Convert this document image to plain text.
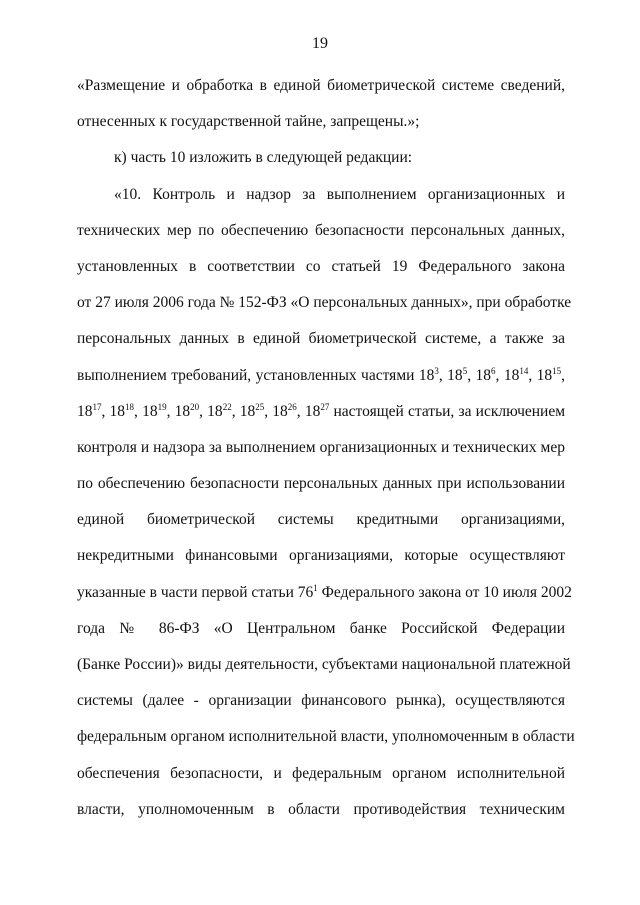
19
«Размещение и обработка в единой биометрической системе сведений,
отнесенных к государственной тайне, запрещены.»;
к) часть 10 изложить в следующей редакции:
«10. Контроль и надзор за выполнением организационных и
технических мер по обеспечению безопасности персональных данных,
установленных в соответствии со статьей 19 Федерального закона
от 27 июля 2006 года № 152-ФЗ «О персональных данных», при обработке
персональных данных в единой биометрической системе, а также за
выполнением требований, установленных частями $18^3$, $18^5$, $18^6$, $18^{14}$, $18^{15}$,
$18^{17}$, $18^{18}$, $18^{19}$, $18^{20}$, $18^{22}$, $18^{25}$, $18^{26}$, $18^{27}$ настоящей статьи, за исключением
контроля и надзора за выполнением организационных и технических мер
по обеспечению безопасности персональных данных при использовании
единой биометрической системы кредитными организациями,
некредитными финансовыми организациями, которые осуществляют
указанные в части первой статьи $76^1$ Федерального закона от 10 июля 2002
года № 86-ФЗ «О Центральном банке Российской Федерации
(Банке России)» виды деятельности, субъектами национальной платежной
системы (далее - организации финансового рынка), осуществляются
федеральным органом исполнительной власти, уполномоченным в области
обеспечения безопасности, и федеральным органом исполнительной
власти, уполномоченным в области противодействия техническим
